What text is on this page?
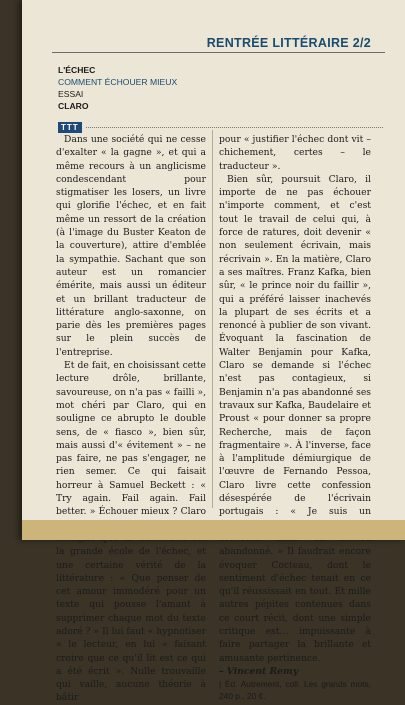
RENTRÉE LITTÉRAIRE 2/2
L'ÉCHEC
COMMENT ÉCHOUER MIEUX
ESSAI
CLARO
TTT

Dans une société qui ne cesse d'exalter « la gagne », et qui a même recours à un anglicisme condescendant pour stigmatiser les losers, un livre qui glorifie l'échec, et en fait même un ressort de la création (à l'image du Buster Keaton de la couverture), attire d'emblée la sympathie. Sachant que son auteur est un romancier émérite, mais aussi un éditeur et un brillant traducteur de littérature anglo-saxonne, on parie dès les premières pages sur le plein succès de l'entreprise.

Et de fait, en choisissant cette lecture drôle, brillante, savoureuse, on n'a pas « failli », mot chéri par Claro, qui en souligne ce abrupto le double sens, de « fiasco », bien sûr, mais aussi d'« évitement » – ne pas faire, ne pas s'engager, ne rien semer. Ce qui faisait horreur à Samuel Beckett : « Try again. Fail again. Fail better. » Échouer mieux ? Claro la grande école de l'échec, et une certaine vérité de la littérature : « Que penser de cet amour immodéré pour un texte qui pousse l'amant à supprimer chaque mot du texte adoré ? » Il lui faut « hypnotiser » le lecteur, en lui « faisant croire que ce qu'il lit est ce qui a été écrit ». Nulle trouvaille qui vaille, aucune théorie à bâtir

pour « justifier l'échec dont vit – chichement, certes – le traducteur ».

Bien sûr, poursuit Claro, il importe de ne pas échouer n'importe comment, et c'est tout le travail de celui qui, à force de ratures, doit devenir « non seulement écrivain, mais récrivain ». En la matière, Claro a ses maîtres. Franz Kafka, bien sûr, « le prince noir du faillir », qui a préféré laisser inachevés la plupart de ses écrits et a renoncé à publier de son vivant. Évoquant la fascination de Walter Benjamin pour Kafka, Claro se demande si l'échec n'est pas contagieux, si Benjamin n'a pas abandonné ses travaux sur Kafka, Baudelaire et Proust « pour donner sa propre Recherche, mais de façon fragmentaire ». À l'inverse, face à l'amplitude démiurgique de l'œuvre de Fernando Pessoa, Claro livre cette confession désespérée de l'écrivain portugais : « Je suis un abandonné. » Il faudrait encore évoquer Cocteau, dont le sentiment d'échec tenait en ce qu'il réussissait en tout. Et mille autres pépites contenues dans ce court récit, dont une simple critique est… impuissante à faire partager la brillante et amusante pertinence.

– Vincent Remy
| Éd. Autrement, coll. Les grands mots, 240 p., 20 €.
